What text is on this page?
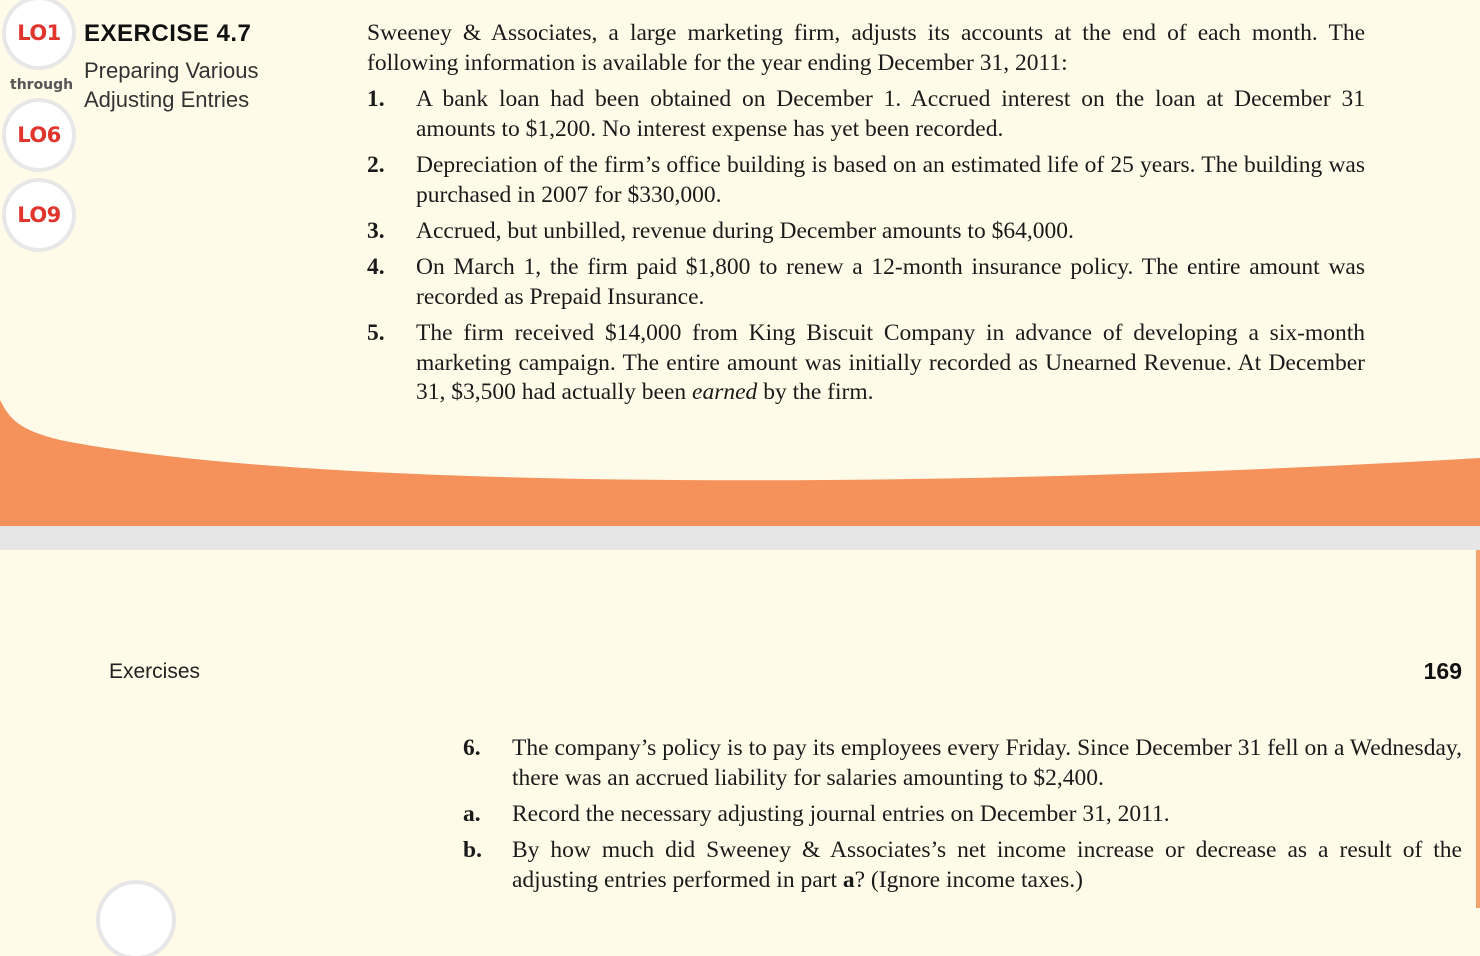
LO1
through
LO6
LO9
EXERCISE 4.7
Preparing Various Adjusting Entries
Sweeney & Associates, a large marketing firm, adjusts its accounts at the end of each month. The following information is available for the year ending December 31, 2011:
1. A bank loan had been obtained on December 1. Accrued interest on the loan at December 31 amounts to $1,200. No interest expense has yet been recorded.
2. Depreciation of the firm’s office building is based on an estimated life of 25 years. The building was purchased in 2007 for $330,000.
3. Accrued, but unbilled, revenue during December amounts to $64,000.
4. On March 1, the firm paid $1,800 to renew a 12-month insurance policy. The entire amount was recorded as Prepaid Insurance.
5. The firm received $14,000 from King Biscuit Company in advance of developing a six-month marketing campaign. The entire amount was initially recorded as Unearned Revenue. At December 31, $3,500 had actually been earned by the firm.
Exercises	169
6. The company’s policy is to pay its employees every Friday. Since December 31 fell on a Wednesday, there was an accrued liability for salaries amounting to $2,400.
a. Record the necessary adjusting journal entries on December 31, 2011.
b. By how much did Sweeney & Associates’s net income increase or decrease as a result of the adjusting entries performed in part a? (Ignore income taxes.)
